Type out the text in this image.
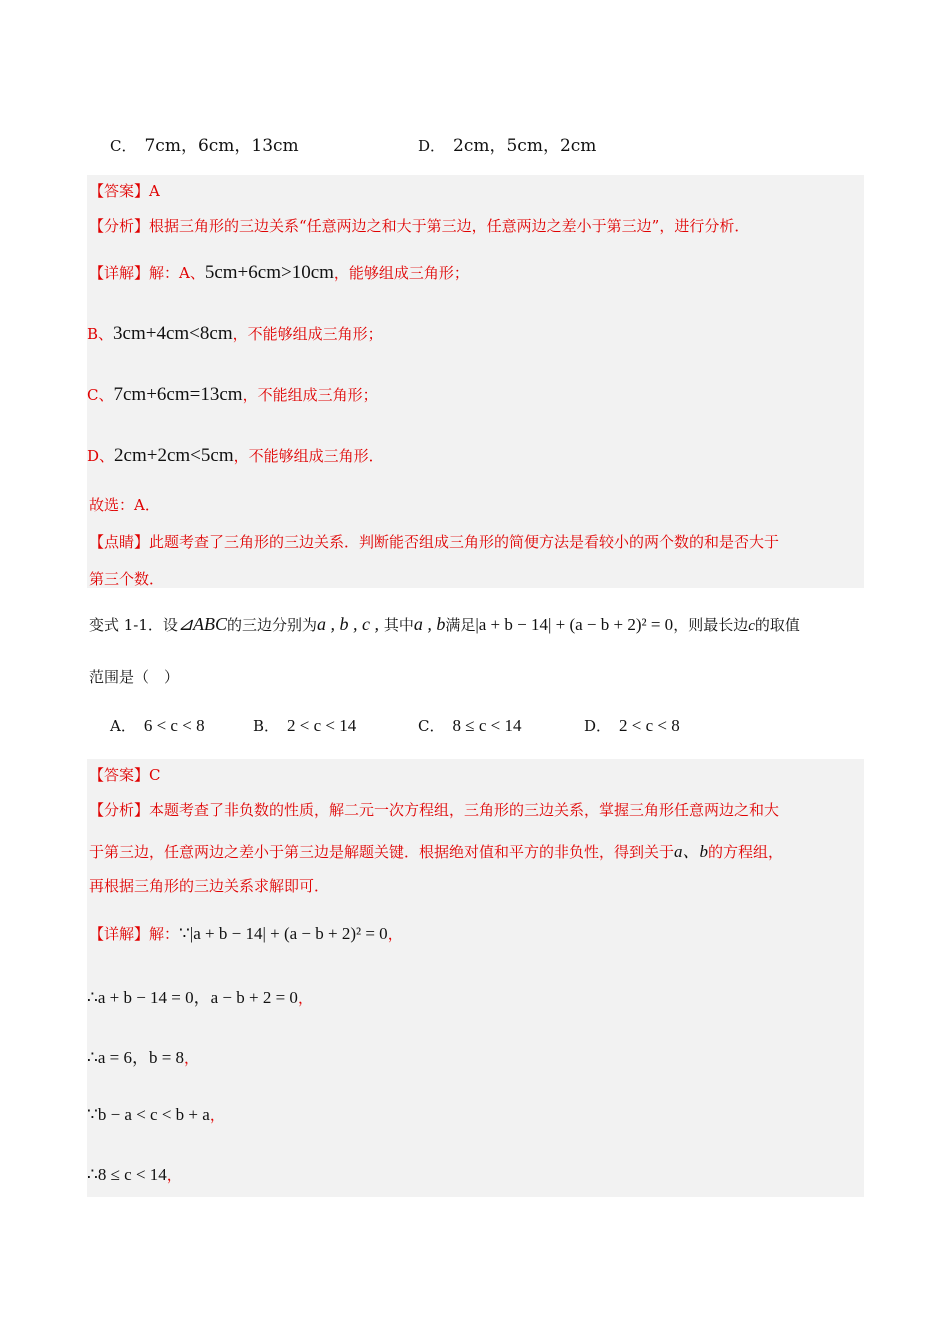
C． 7cm，6cm，13cm	D． 2cm，5cm，2cm
【答案】A
【分析】根据三角形的三边关系“任意两边之和大于第三边，任意两边之差小于第三边”，进行分析．
【详解】解：A、5cm+6cm>10cm，能够组成三角形；
B、3cm+4cm<8cm，不能够组成三角形；
C、7cm+6cm=13cm，不能组成三角形；
D、2cm+2cm<5cm，不能够组成三角形．
故选：A．
【点睛】此题考查了三角形的三边关系．判断能否组成三角形的简便方法是看较小的两个数的和是否大于
第三个数．
变式 1-1．设⊿ABC的三边分别为a , b , c , 其中a , b满足|a + b − 14| + (a − b + 2)² = 0，则最长边c的取值
范围是（　）
A． 6 < c < 8	B． 2 < c < 14	C． 8 ≤ c < 14	D． 2 < c < 8
【答案】C
【分析】本题考查了非负数的性质，解二元一次方程组，三角形的三边关系，掌握三角形任意两边之和大
于第三边，任意两边之差小于第三边是解题关键．根据绝对值和平方的非负性，得到关于a、b的方程组，
再根据三角形的三边关系求解即可．
【详解】解：∵|a + b − 14| + (a − b + 2)² = 0，
∴a + b − 14 = 0，a − b + 2 = 0，
∴a = 6，b = 8，
∵b − a < c < b + a，
∴8 ≤ c < 14，
